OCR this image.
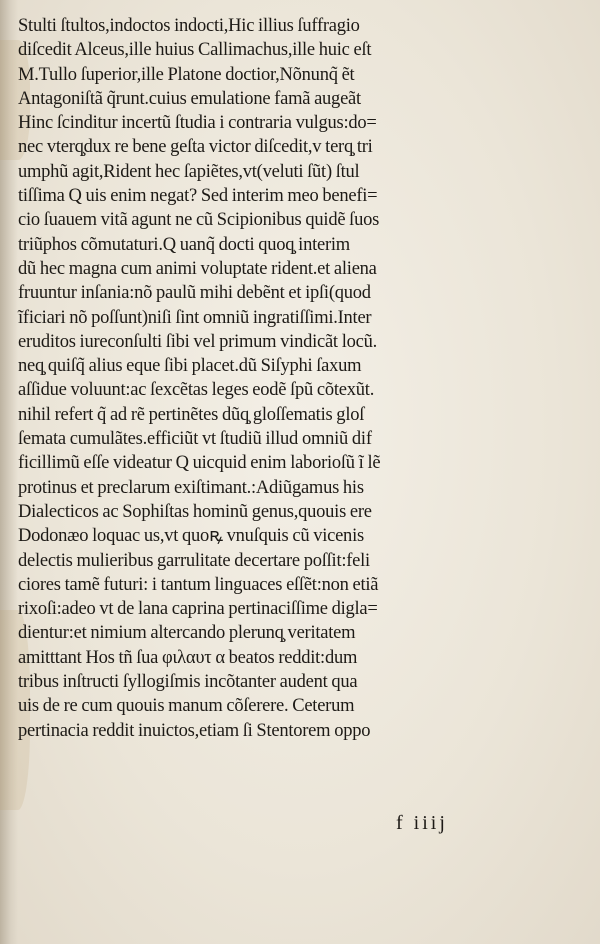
Stulti ſtultos,indoctos indocti,Hic illius ſuffragio
diſcedit Alceus,ille huius Callimachus,ille huic eſt
M.Tullo ſuperior,ille Platone doctior,Nõnunq̃ ẽt
Antagoniſtã q̃runt.cuius emulatione famã augeãt
Hinc ſcinditur incertũ ſtudia i contraria vulgus:do=
nec vterq̧dux re bene geſta victor diſcedit,v terq̧ tri
umphũ agit,Rident hec ſapiẽtes,vt(veluti ſũt) ſtul
tiſſima Q uis enim negat? Sed interim meo benefi=
cio ſuauem vitã agunt ne cũ Scipionibus quidẽ ſuos
triũphos cõmutaturi.Q uanq̃ docti quoq̧ interim
dũ hec magna cum animi voluptate rident.et aliena
fruuntur inſania:nõ paulũ mihi debẽnt et ipſi(quod
ĩficiari nõ poſſunt)niſi ſint omniũ ingratiſſimi.Inter
eruditos iureconſulti ſibi vel primum vindicãt locũ.
neq̧ quiſq̃ alius eque ſibi placet.dũ Siſyphi ſaxum
aſſidue voluunt:ac ſexcẽtas leges eodẽ ſpũ cõtexũt.
nihil refert q̃ ad rẽ pertinẽtes dũq̧ gloſſematis gloſ
ſemata cumulãtes.efficiũt vt ſtudiũ illud omniũ dif
ficillimũ eſſe videatur Q uicquid enim laborioſũ ĩ lẽ
protinus et preclarum exiſtimant.:Adiũgamus his
Dialecticos ac Sophiſtas hominũ genus,quouis ere
Dodonæo loquac us,vt quoꝶ vnuſquis cũ vicenis
delectis mulieribus garrulitate decertare poſſit:feli
ciores tamẽ futuri: i tantum linguaces eſſẽt:non etiã
rixoſi:adeo vt de lana caprina pertinaciſſime digla=
dientur:et nimium altercando plerunq̧ veritatem
amitttant Hos tñ ſua φιλαυτ α beatos reddit:dum
tribus inſtructi ſyllogiſmis incõtanter audent qua
uis de re cum quouis manum cõſerere. Ceterum
pertinacia reddit inuictos,etiam ſi Stentorem oppo
f iiij
